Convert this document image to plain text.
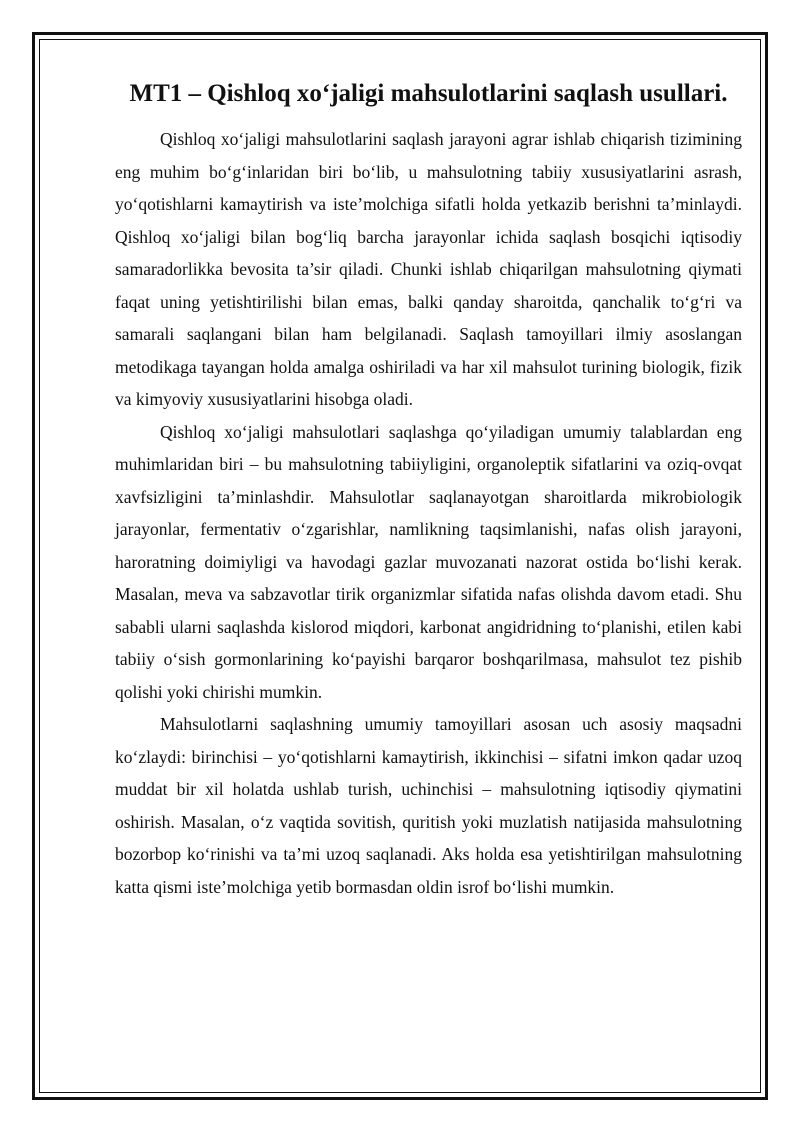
MT1 – Qishloq xo‘jaligi mahsulotlarini saqlash usullari.

Qishloq xo‘jaligi mahsulotlarini saqlash jarayoni agrar ishlab chiqarish tizimining eng muhim bo‘g‘inlaridan biri bo‘lib, u mahsulotning tabiiy xususiyatlarini asrash, yo‘qotishlarni kamaytirish va iste’molchiga sifatli holda yetkazib berishni ta’minlaydi. Qishloq xo‘jaligi bilan bog‘liq barcha jarayonlar ichida saqlash bosqichi iqtisodiy samaradorlikka bevosita ta’sir qiladi. Chunki ishlab chiqarilgan mahsulotning qiymati faqat uning yetishtirilishi bilan emas, balki qanday sharoitda, qanchalik to‘g‘ri va samarali saqlangani bilan ham belgilanadi. Saqlash tamoyillari ilmiy asoslangan metodikaga tayangan holda amalga oshiriladi va har xil mahsulot turining biologik, fizik va kimyoviy xususiyatlarini hisobga oladi.

Qishloq xo‘jaligi mahsulotlari saqlashga qo‘yiladigan umumiy talablardan eng muhimlaridan biri – bu mahsulotning tabiiyligini, organoleptik sifatlarini va oziq-ovqat xavfsizligini ta’minlashdir. Mahsulotlar saqlanayotgan sharoitlarda mikrobiologik jarayonlar, fermentativ o‘zgarishlar, namlikning taqsimlanishi, nafas olish jarayoni, haroratning doimiyligi va havodagi gazlar muvozanati nazorat ostida bo‘lishi kerak. Masalan, meva va sabzavotlar tirik organizmlar sifatida nafas olishda davom etadi. Shu sababli ularni saqlashda kislorod miqdori, karbonat angidridning to‘planishi, etilen kabi tabiiy o‘sish gormonlarining ko‘payishi barqaror boshqarilmasa, mahsulot tez pishib qolishi yoki chirishi mumkin.

Mahsulotlarni saqlashning umumiy tamoyillari asosan uch asosiy maqsadni ko‘zlaydi: birinchisi – yo‘qotishlarni kamaytirish, ikkinchisi – sifatni imkon qadar uzoq muddat bir xil holatda ushlab turish, uchinchisi – mahsulotning iqtisodiy qiymatini oshirish. Masalan, o‘z vaqtida sovitish, quritish yoki muzlatish natijasida mahsulotning bozorbop ko‘rinishi va ta’mi uzoq saqlanadi. Aks holda esa yetishtirilgan mahsulotning katta qismi iste’molchiga yetib bormasdan oldin isrof bo‘lishi mumkin.
